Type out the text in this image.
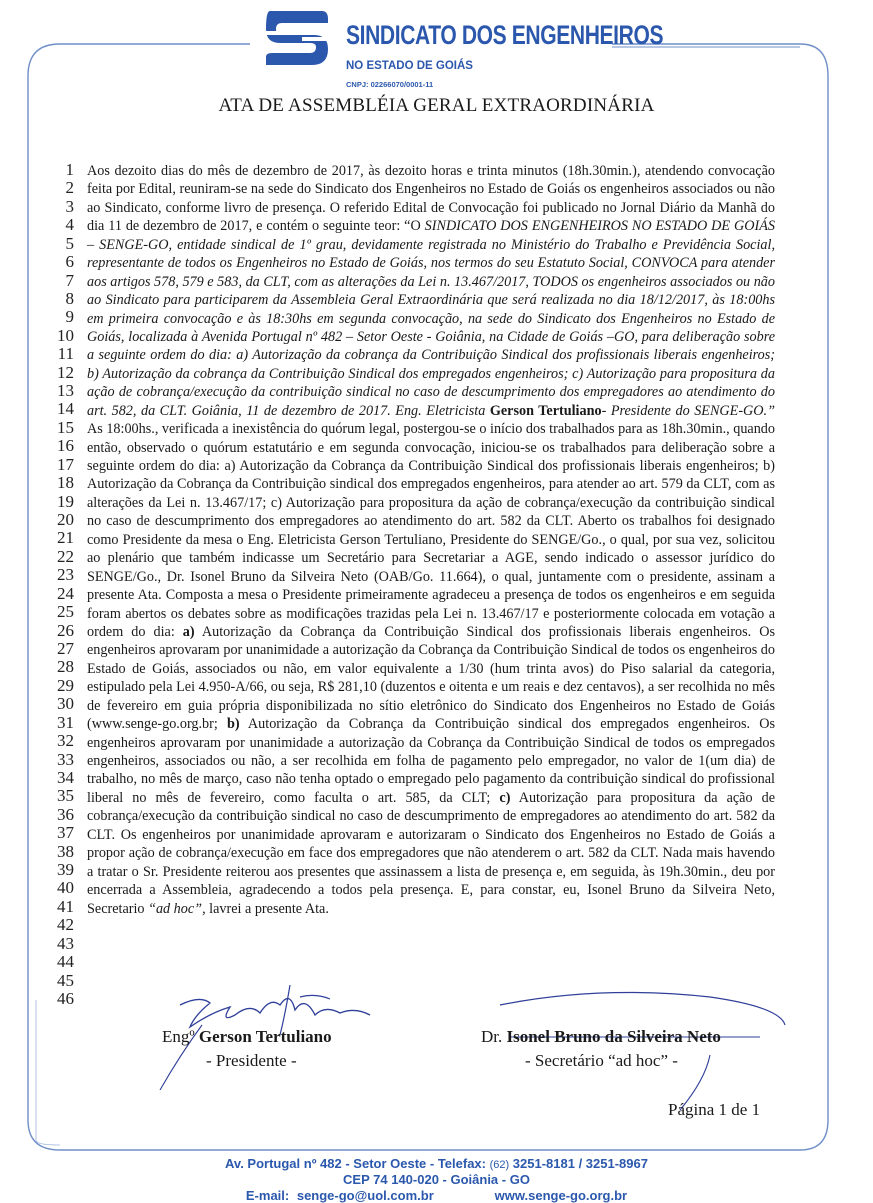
SINDICATO DOS ENGENHEIROS
NO ESTADO DE GOIÁS
CNPJ: 02266070/0001-11
ATA DE ASSEMBLÉIA GERAL EXTRAORDINÁRIA
1
2
3
4
5
6
7
8
9
10
11
12
13
14
15
16
17
18
19
20
21
22
23
24
25
26
27
28
29
30
31
32
33
34
35
36
37
38
39
40
41
42
43
44
45
46
Aos dezoito dias do mês de dezembro de 2017, às dezoito horas e trinta minutos (18h.30min.), atendendo convocação feita por Edital, reuniram-se na sede do Sindicato dos Engenheiros no Estado de Goiás os engenheiros associados ou não ao Sindicato, conforme livro de presença. O referido Edital de Convocação foi publicado no Jornal Diário da Manhã do dia 11 de dezembro de 2017, e contém o seguinte teor: “O SINDICATO DOS ENGENHEIROS NO ESTADO DE GOIÁS – SENGE-GO, entidade sindical de 1º grau, devidamente registrada no Ministério do Trabalho e Previdência Social, representante de todos os Engenheiros no Estado de Goiás, nos termos do seu Estatuto Social, CONVOCA para atender aos artigos 578, 579 e 583, da CLT, com as alterações da Lei n. 13.467/2017, TODOS os engenheiros associados ou não ao Sindicato para participarem da Assembleia Geral Extraordinária que será realizada no dia 18/12/2017, às 18:00hs em primeira convocação e às 18:30hs em segunda convocação, na sede do Sindicato dos Engenheiros no Estado de Goiás, localizada à Avenida Portugal nº 482 – Setor Oeste - Goiânia, na Cidade de Goiás –GO, para deliberação sobre a seguinte ordem do dia: a) Autorização da cobrança da Contribuição Sindical dos profissionais liberais engenheiros; b) Autorização da cobrança da Contribuição Sindical dos empregados engenheiros; c) Autorização para propositura da ação de cobrança/execução da contribuição sindical no caso de descumprimento dos empregadores ao atendimento do art. 582, da CLT. Goiânia, 11 de dezembro de 2017. Eng. Eletricista Gerson Tertuliano- Presidente do SENGE-GO.” As 18:00hs., verificada a inexistência do quórum legal, postergou-se o início dos trabalhados para as 18h.30min., quando então, observado o quórum estatutário e em segunda convocação, iniciou-se os trabalhados para deliberação sobre a seguinte ordem do dia: a) Autorização da Cobrança da Contribuição Sindical dos profissionais liberais engenheiros; b) Autorização da Cobrança da Contribuição sindical dos empregados engenheiros, para atender ao art. 579 da CLT, com as alterações da Lei n. 13.467/17; c) Autorização para propositura da ação de cobrança/execução da contribuição sindical no caso de descumprimento dos empregadores ao atendimento do art. 582 da CLT. Aberto os trabalhos foi designado como Presidente da mesa o Eng. Eletricista Gerson Tertuliano, Presidente do SENGE/Go., o qual, por sua vez, solicitou ao plenário que também indicasse um Secretário para Secretariar a AGE, sendo indicado o assessor jurídico do SENGE/Go., Dr. Isonel Bruno da Silveira Neto (OAB/Go. 11.664), o qual, juntamente com o presidente, assinam a presente Ata. Composta a mesa o Presidente primeiramente agradeceu a presença de todos os engenheiros e em seguida foram abertos os debates sobre as modificações trazidas pela Lei n. 13.467/17 e posteriormente colocada em votação a ordem do dia: a) Autorização da Cobrança da Contribuição Sindical dos profissionais liberais engenheiros. Os engenheiros aprovaram por unanimidade a autorização da Cobrança da Contribuição Sindical de todos os engenheiros do Estado de Goiás, associados ou não, em valor equivalente a 1/30 (hum trinta avos) do Piso salarial da categoria, estipulado pela Lei 4.950-A/66, ou seja, R$ 281,10 (duzentos e oitenta e um reais e dez centavos), a ser recolhida no mês de fevereiro em guia própria disponibilizada no sítio eletrônico do Sindicato dos Engenheiros no Estado de Goiás (www.senge-go.org.br; b) Autorização da Cobrança da Contribuição sindical dos empregados engenheiros. Os engenheiros aprovaram por unanimidade a autorização da Cobrança da Contribuição Sindical de todos os empregados engenheiros, associados ou não, a ser recolhida em folha de pagamento pelo empregador, no valor de 1(um dia) de trabalho, no mês de março, caso não tenha optado o empregado pelo pagamento da contribuição sindical do profissional liberal no mês de fevereiro, como faculta o art. 585, da CLT; c) Autorização para propositura da ação de cobrança/execução da contribuição sindical no caso de descumprimento de empregadores ao atendimento do art. 582 da CLT. Os engenheiros por unanimidade aprovaram e autorizaram o Sindicato dos Engenheiros no Estado de Goiás a propor ação de cobrança/execução em face dos empregadores que não atenderem o art. 582 da CLT. Nada mais havendo a tratar o Sr. Presidente reiterou aos presentes que assinassem a lista de presença e, em seguida, às 19h.30min., deu por encerrada a Assembleia, agradecendo a todos pela presença. E, para constar, eu, Isonel Bruno da Silveira Neto, Secretario “ad hoc”, lavrei a presente Ata.
Engº Gerson Tertuliano
- Presidente -
Dr. Isonel Bruno da Silveira Neto
- Secretário “ad hoc” -
Página 1 de 1
Av. Portugal nº 482 - Setor Oeste - Telefax: (62) 3251-8181 / 3251-8967
CEP 74 140-020 - Goiânia - GO
E-mail: senge-go@uol.com.br	www.senge-go.org.br
